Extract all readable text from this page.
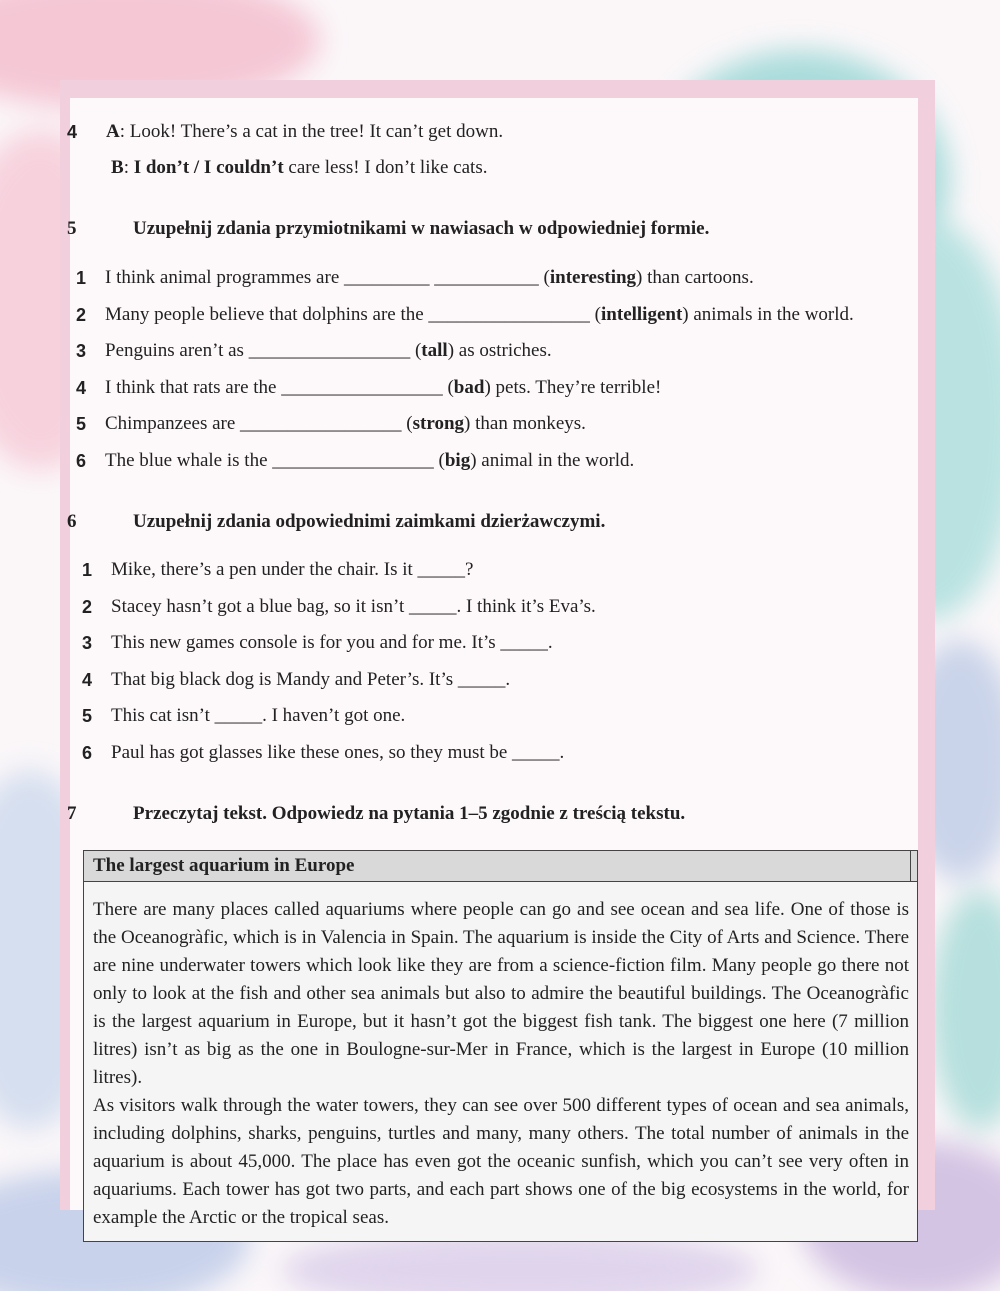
4 A: Look! There’s a cat in the tree! It can’t get down.
B: I don’t / I couldn’t care less! I don’t like cats.
5	Uzupełnij zdania przymiotnikami w nawiasach w odpowiedniej formie.
1 I think animal programmes are _________ ___________ (interesting) than cartoons.
2 Many people believe that dolphins are the _________________ (intelligent) animals in the world.
3 Penguins aren’t as _________________ (tall) as ostriches.
4 I think that rats are the _________________ (bad) pets. They’re terrible!
5 Chimpanzees are _________________ (strong) than monkeys.
6 The blue whale is the _________________ (big) animal in the world.
6	Uzupełnij zdania odpowiednimi zaimkami dzierżawczymi.
1 Mike, there’s a pen under the chair. Is it _____?
2 Stacey hasn’t got a blue bag, so it isn’t _____. I think it’s Eva’s.
3 This new games console is for you and for me. It’s _____.
4 That big black dog is Mandy and Peter’s. It’s _____.
5 This cat isn’t _____. I haven’t got one.
6 Paul has got glasses like these ones, so they must be _____.
7	Przeczytaj tekst. Odpowiedz na pytania 1–5 zgodnie z treścią tekstu.
The largest aquarium in Europe

There are many places called aquariums where people can go and see ocean and sea life. One of those is the Oceanogràfic, which is in Valencia in Spain. The aquarium is inside the City of Arts and Science. There are nine underwater towers which look like they are from a science-fiction film. Many people go there not only to look at the fish and other sea animals but also to admire the beautiful buildings. The Oceanogràfic is the largest aquarium in Europe, but it hasn’t got the biggest fish tank. The biggest one here (7 million litres) isn’t as big as the one in Boulogne-sur-Mer in France, which is the largest in Europe (10 million litres).

As visitors walk through the water towers, they can see over 500 different types of ocean and sea animals, including dolphins, sharks, penguins, turtles and many, many others. The total number of animals in the aquarium is about 45,000. The place has even got the oceanic sunfish, which you can’t see very often in aquariums. Each tower has got two parts, and each part shows one of the big ecosystems in the world, for example the Arctic or the tropical seas.
